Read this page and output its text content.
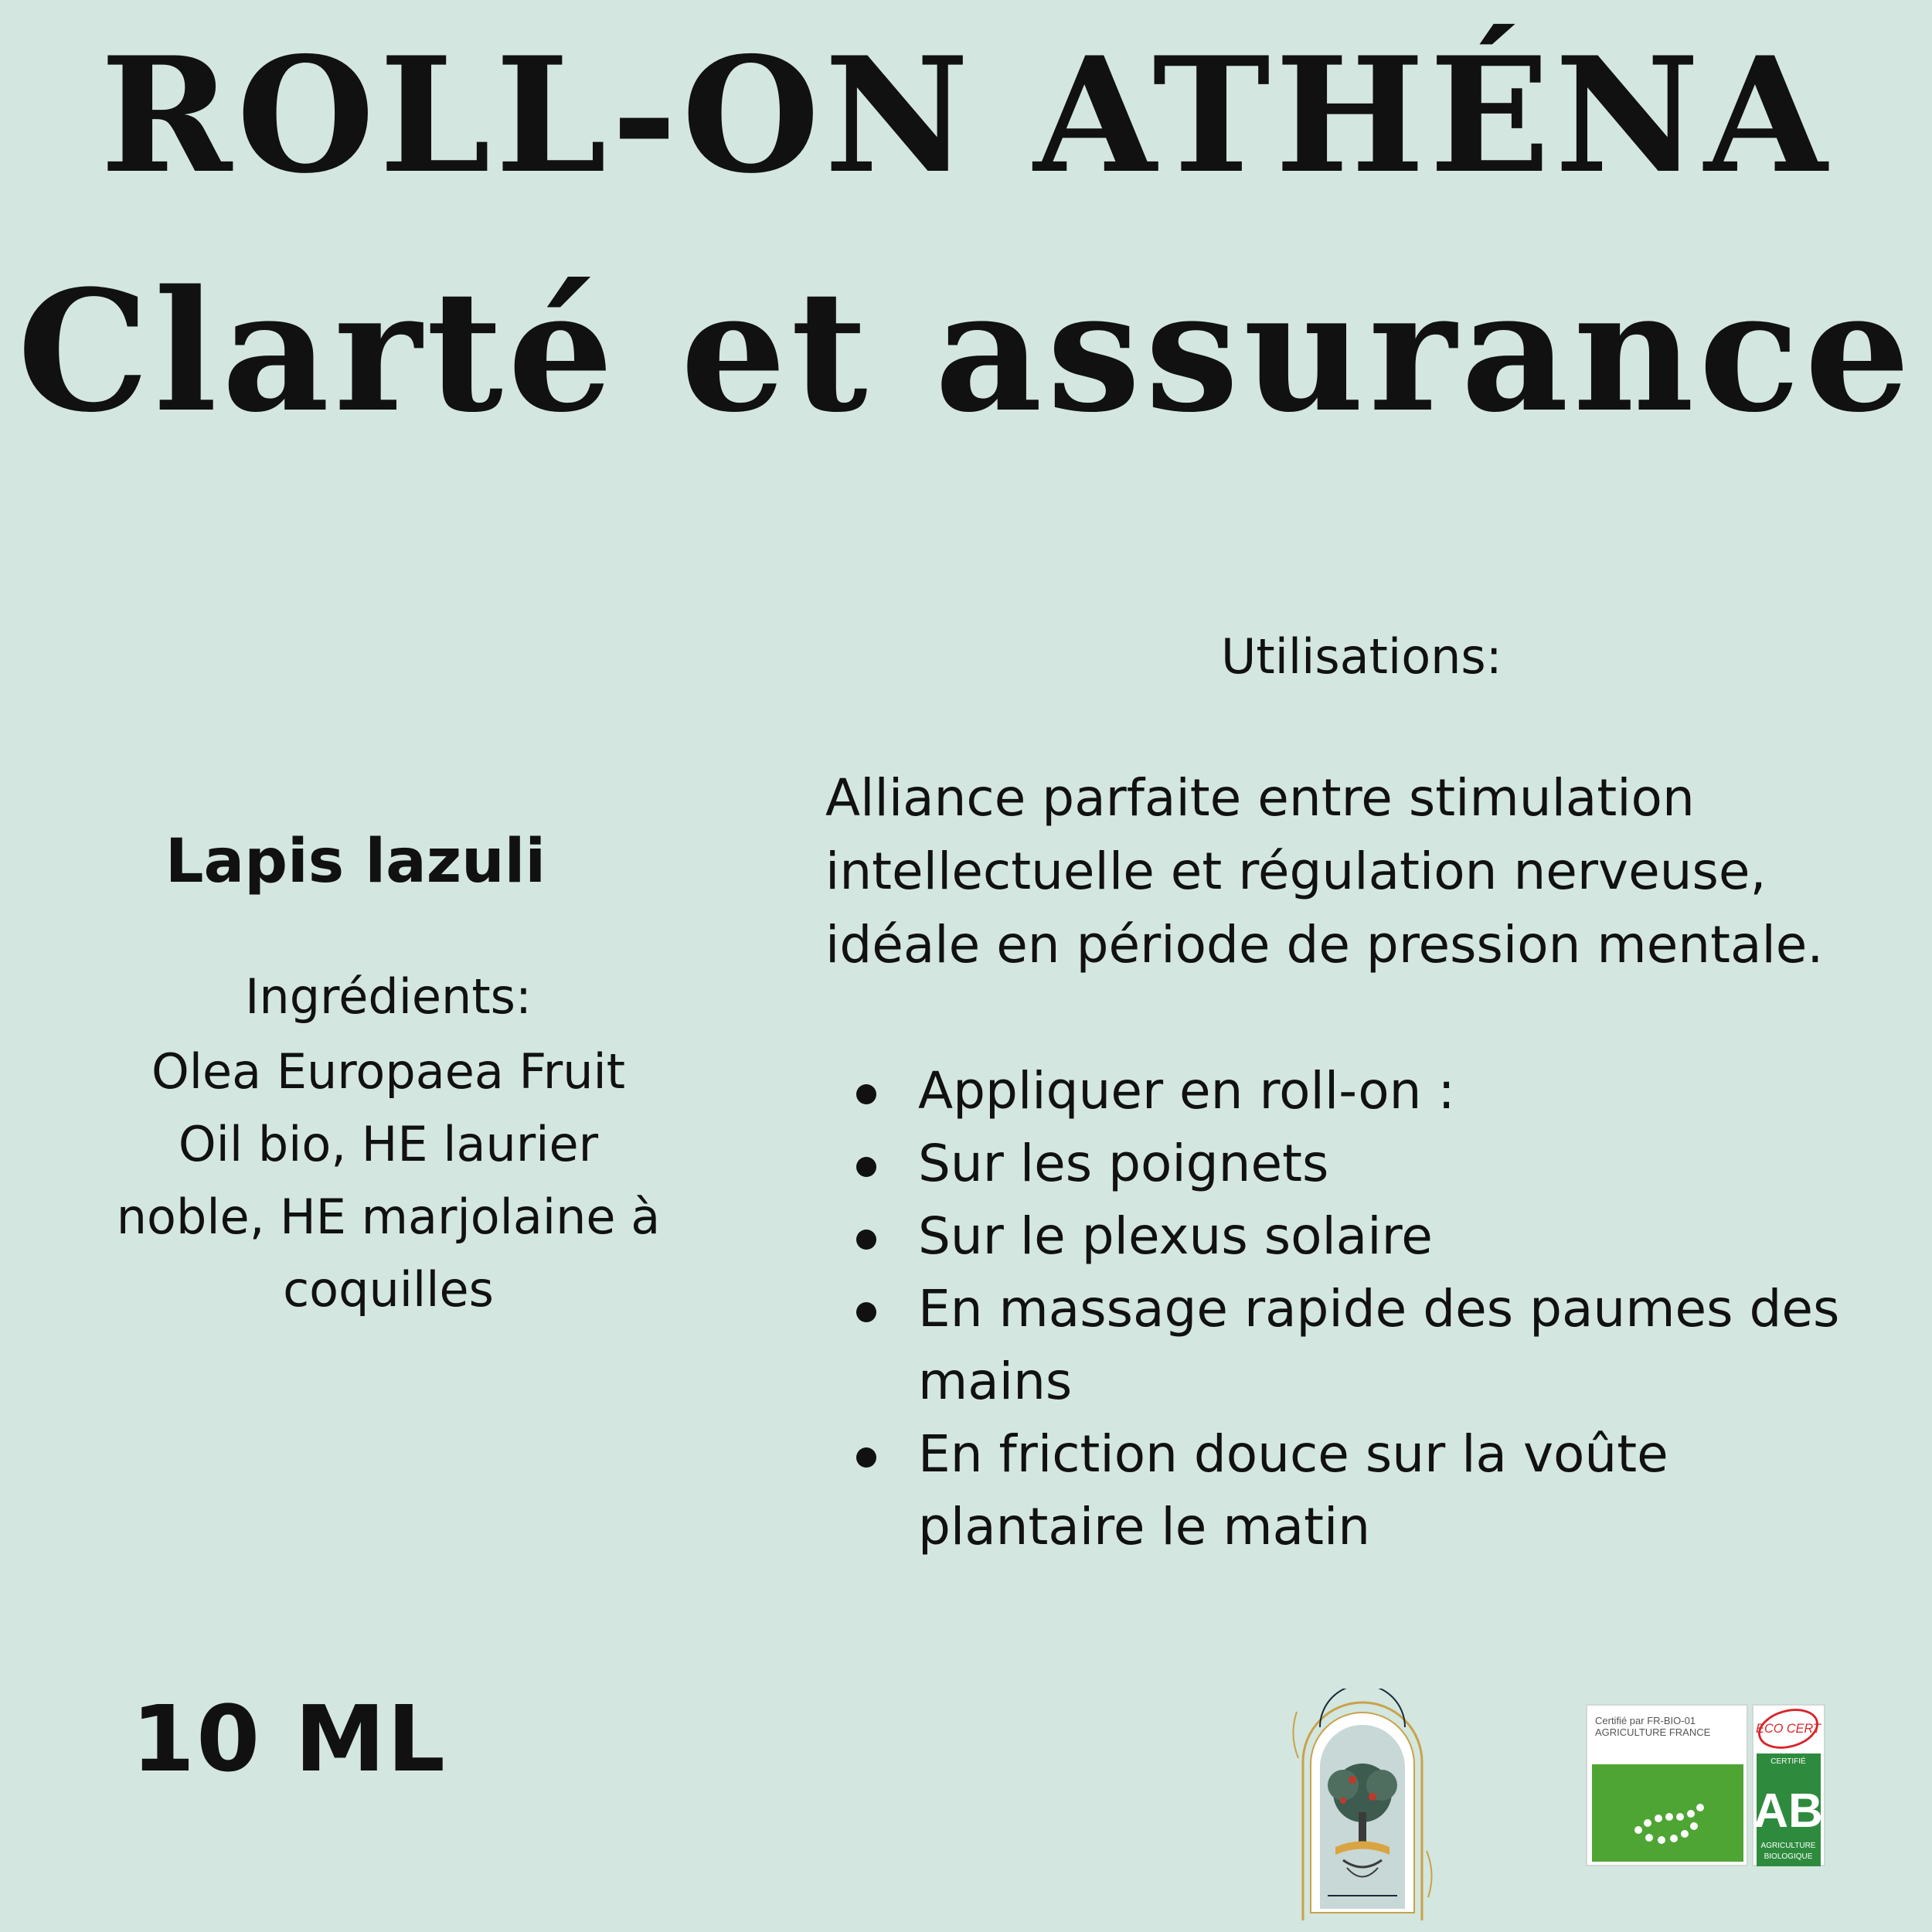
ROLL-ON ATHÉNA
Clarté et assurance
Lapis lazuli
Ingrédients:
Olea Europaea Fruit
Oil bio, HE laurier
noble, HE marjolaine à
coquilles
Utilisations:
Alliance parfaite entre stimulation
intellectuelle et régulation nerveuse,
idéale en période de pression mentale.
Appliquer en roll-on :
Sur les poignets
Sur le plexus solaire
En massage rapide des paumes des
mains
En friction douce sur la voûte
plantaire le matin
10 ML	Certifié par FR-BIO-01
AGRICULTURE FRANCE	ECO CERT
CERTIFIÉ
AB
AGRICULTURE
BIOLOGIQUE
